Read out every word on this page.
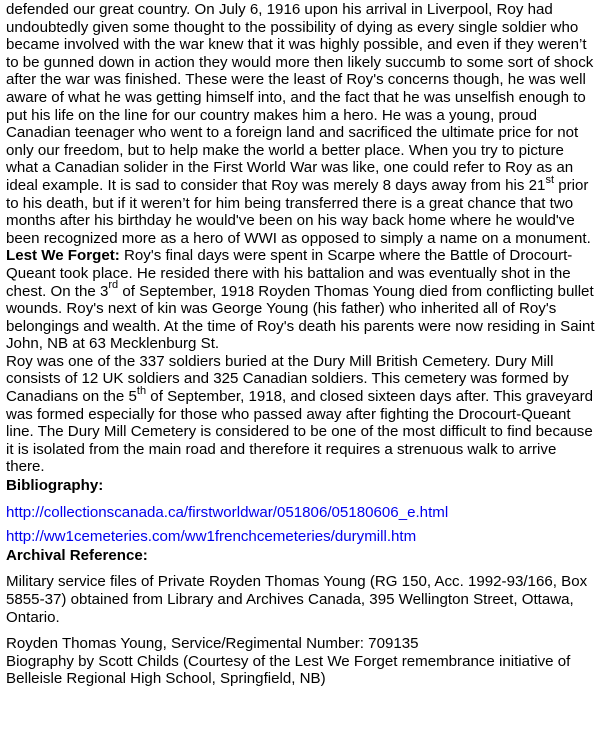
defended our great country. On July 6, 1916 upon his arrival in Liverpool, Roy had undoubtedly given some thought to the possibility of dying as every single soldier who became involved with the war knew that it was highly possible, and even if they weren’t to be gunned down in action they would more then likely succumb to some sort of shock after the war was finished. These were the least of Roy's concerns though, he was well aware of what he was getting himself into, and the fact that he was unselfish enough to put his life on the line for our country makes him a hero. He was a young, proud Canadian teenager who went to a foreign land and sacrificed the ultimate price for not only our freedom, but to help make the world a better place. When you try to picture what a Canadian solider in the First World War was like, one could refer to Roy as an ideal example. It is sad to consider that Roy was merely 8 days away from his 21st prior to his death, but if it weren’t for him being transferred there is a great chance that two months after his birthday he would've been on his way back home where he would've been recognized more as a hero of WWI as opposed to simply a name on a monument.

Lest We Forget: Roy's final days were spent in Scarpe where the Battle of Drocourt-Queant took place. He resided there with his battalion and was eventually shot in the chest. On the 3rd of September, 1918 Royden Thomas Young died from conflicting bullet wounds. Roy's next of kin was George Young (his father) who inherited all of Roy's belongings and wealth. At the time of Roy's death his parents were now residing in Saint John, NB at 63 Mecklenburg St.

Roy was one of the 337 soldiers buried at the Dury Mill British Cemetery. Dury Mill consists of 12 UK soldiers and 325 Canadian soldiers. This cemetery was formed by Canadians on the 5th of September, 1918, and closed sixteen days after. This graveyard was formed especially for those who passed away after fighting the Drocourt-Queant line. The Dury Mill Cemetery is considered to be one of the most difficult to find because it is isolated from the main road and therefore it requires a strenuous walk to arrive there.

Bibliography:

http://collectionscanada.ca/firstworldwar/051806/05180606_e.html

http://ww1cemeteries.com/ww1frenchcemeteries/durymill.htm

Archival Reference:

Military service files of Private Royden Thomas Young (RG 150, Acc. 1992-93/166, Box 5855-37) obtained from Library and Archives Canada, 395 Wellington Street, Ottawa, Ontario.

Royden Thomas Young, Service/Regimental Number: 709135

Biography by Scott Childs (Courtesy of the Lest We Forget remembrance initiative of Belleisle Regional High School, Springfield, NB)
